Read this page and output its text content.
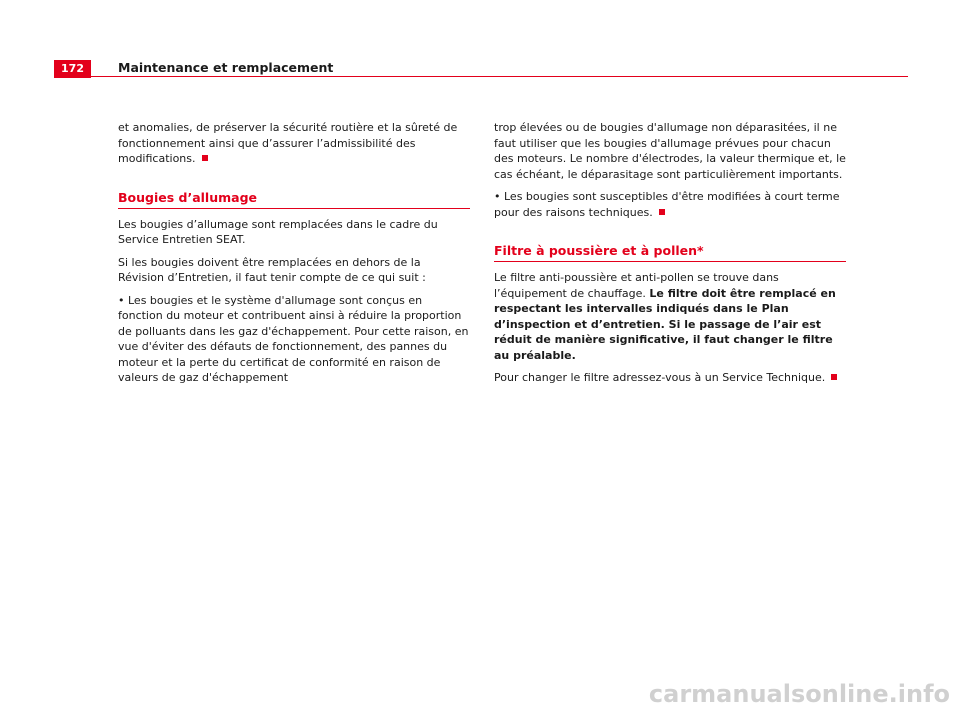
172	Maintenance et remplacement

et anomalies, de préserver la sécurité routière et la sûreté de fonctionnement ainsi que d’assurer l’admissibilité des modifications.

Bougies d’allumage

Les bougies d’allumage sont remplacées dans le cadre du Service Entretien SEAT.

Si les bougies doivent être remplacées en dehors de la Révision d’Entretien, il faut tenir compte de ce qui suit :

• Les bougies et le système d'allumage sont conçus en fonction du moteur et contribuent ainsi à réduire la proportion de polluants dans les gaz d'échappement. Pour cette raison, en vue d'éviter des défauts de fonctionnement, des pannes du moteur et la perte du certificat de conformité en raison de valeurs de gaz d'échappement

trop élevées ou de bougies d'allumage non déparasitées, il ne faut utiliser que les bougies d'allumage prévues pour chacun des moteurs. Le nombre d'électrodes, la valeur thermique et, le cas échéant, le déparasitage sont particulièrement importants.

• Les bougies sont susceptibles d'être modifiées à court terme pour des raisons techniques.

Filtre à poussière et à pollen*

Le filtre anti-poussière et anti-pollen se trouve dans l’équipement de chauffage. Le filtre doit être remplacé en respectant les intervalles indiqués dans le Plan d’inspection et d’entretien. Si le passage de l’air est réduit de manière significative, il faut changer le filtre au préalable.

Pour changer le filtre adressez-vous à un Service Technique.

carmanualsonline.info
